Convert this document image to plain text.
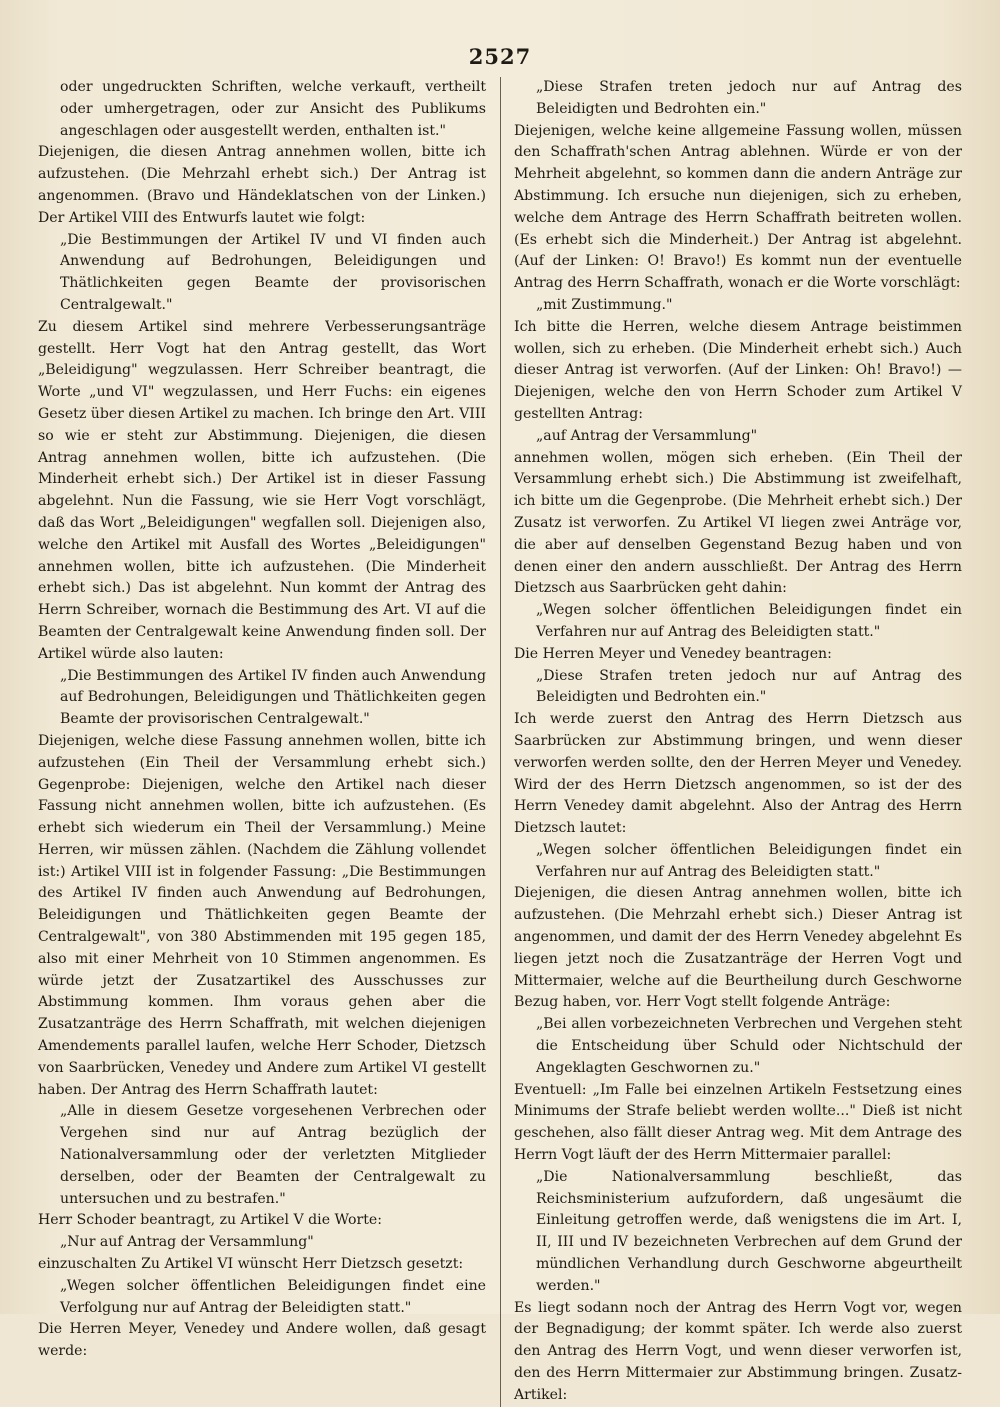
2527

oder ungedruckten Schriften, welche verkauft, vertheilt oder umhergetragen, oder zur Ansicht des Publikums angeschlagen oder ausgestellt werden, enthalten ist."

Diejenigen, die diesen Antrag annehmen wollen, bitte ich aufzustehen. (Die Mehrzahl erhebt sich.) Der Antrag ist angenommen. (Bravo und Händeklatschen von der Linken.) Der Artikel VIII des Entwurfs lautet wie folgt:

„Die Bestimmungen der Artikel IV und VI finden auch Anwendung auf Bedrohungen, Beleidigungen und Thätlichkeiten gegen Beamte der provisorischen Centralgewalt."

Zu diesem Artikel sind mehrere Verbesserungsanträge gestellt. Herr Vogt hat den Antrag gestellt, das Wort „Beleidigung" wegzulassen. Herr Schreiber beantragt, die Worte „und VI" wegzulassen, und Herr Fuchs: ein eigenes Gesetz über diesen Artikel zu machen. Ich bringe den Art. VIII so wie er steht zur Abstimmung. Diejenigen, die diesen Antrag annehmen wollen, bitte ich aufzustehen. (Die Minderheit erhebt sich.) Der Artikel ist in dieser Fassung abgelehnt. Nun die Fassung, wie sie Herr Vogt vorschlägt, daß das Wort „Beleidigungen" wegfallen soll. Diejenigen also, welche den Artikel mit Ausfall des Wortes „Beleidigungen" annehmen wollen, bitte ich aufzustehen. (Die Minderheit erhebt sich.) Das ist abgelehnt. Nun kommt der Antrag des Herrn Schreiber, wornach die Bestimmung des Art. VI auf die Beamten der Centralgewalt keine Anwendung finden soll. Der Artikel würde also lauten:

„Die Bestimmungen des Artikel IV finden auch Anwendung auf Bedrohungen, Beleidigungen und Thätlichkeiten gegen Beamte der provisorischen Centralgewalt."

Diejenigen, welche diese Fassung annehmen wollen, bitte ich aufzustehen (Ein Theil der Versammlung erhebt sich.) Gegenprobe: Diejenigen, welche den Artikel nach dieser Fassung nicht annehmen wollen, bitte ich aufzustehen. (Es erhebt sich wiederum ein Theil der Versammlung.) Meine Herren, wir müssen zählen. (Nachdem die Zählung vollendet ist:) Artikel VIII ist in folgender Fassung: „Die Bestimmungen des Artikel IV finden auch Anwendung auf Bedrohungen, Beleidigungen und Thätlichkeiten gegen Beamte der Centralgewalt", von 380 Abstimmenden mit 195 gegen 185, also mit einer Mehrheit von 10 Stimmen angenommen. Es würde jetzt der Zusatzartikel des Ausschusses zur Abstimmung kommen. Ihm voraus gehen aber die Zusatzanträge des Herrn Schaffrath, mit welchen diejenigen Amendements parallel laufen, welche Herr Schoder, Dietzsch von Saarbrücken, Venedey und Andere zum Artikel VI gestellt haben. Der Antrag des Herrn Schaffrath lautet:

„Alle in diesem Gesetze vorgesehenen Verbrechen oder Vergehen sind nur auf Antrag bezüglich der Nationalversammlung oder der verletzten Mitglieder derselben, oder der Beamten der Centralgewalt zu untersuchen und zu bestrafen."

Herr Schoder beantragt, zu Artikel V die Worte:

„Nur auf Antrag der Versammlung"

einzuschalten Zu Artikel VI wünscht Herr Dietzsch gesetzt:

„Wegen solcher öffentlichen Beleidigungen findet eine Verfolgung nur auf Antrag der Beleidigten statt."

Die Herren Meyer, Venedey und Andere wollen, daß gesagt werde:

„Diese Strafen treten jedoch nur auf Antrag des Beleidigten und Bedrohten ein."

Diejenigen, welche keine allgemeine Fassung wollen, müssen den Schaffrath'schen Antrag ablehnen. Würde er von der Mehrheit abgelehnt, so kommen dann die andern Anträge zur Abstimmung. Ich ersuche nun diejenigen, sich zu erheben, welche dem Antrage des Herrn Schaffrath beitreten wollen. (Es erhebt sich die Minderheit.) Der Antrag ist abgelehnt. (Auf der Linken: O! Bravo!) Es kommt nun der eventuelle Antrag des Herrn Schaffrath, wonach er die Worte vorschlägt:

„mit Zustimmung."

Ich bitte die Herren, welche diesem Antrage beistimmen wollen, sich zu erheben. (Die Minderheit erhebt sich.) Auch dieser Antrag ist verworfen. (Auf der Linken: Oh! Bravo!) — Diejenigen, welche den von Herrn Schoder zum Artikel V gestellten Antrag:

„auf Antrag der Versammlung"

annehmen wollen, mögen sich erheben. (Ein Theil der Versammlung erhebt sich.) Die Abstimmung ist zweifelhaft, ich bitte um die Gegenprobe. (Die Mehrheit erhebt sich.) Der Zusatz ist verworfen. Zu Artikel VI liegen zwei Anträge vor, die aber auf denselben Gegenstand Bezug haben und von denen einer den andern ausschließt. Der Antrag des Herrn Dietzsch aus Saarbrücken geht dahin:

„Wegen solcher öffentlichen Beleidigungen findet ein Verfahren nur auf Antrag des Beleidigten statt."

Die Herren Meyer und Venedey beantragen:

„Diese Strafen treten jedoch nur auf Antrag des Beleidigten und Bedrohten ein."

Ich werde zuerst den Antrag des Herrn Dietzsch aus Saarbrücken zur Abstimmung bringen, und wenn dieser verworfen werden sollte, den der Herren Meyer und Venedey. Wird der des Herrn Dietzsch angenommen, so ist der des Herrn Venedey damit abgelehnt. Also der Antrag des Herrn Dietzsch lautet:

„Wegen solcher öffentlichen Beleidigungen findet ein Verfahren nur auf Antrag des Beleidigten statt."

Diejenigen, die diesen Antrag annehmen wollen, bitte ich aufzustehen. (Die Mehrzahl erhebt sich.) Dieser Antrag ist angenommen, und damit der des Herrn Venedey abgelehnt Es liegen jetzt noch die Zusatzanträge der Herren Vogt und Mittermaier, welche auf die Beurtheilung durch Geschworne Bezug haben, vor. Herr Vogt stellt folgende Anträge:

„Bei allen vorbezeichneten Verbrechen und Vergehen steht die Entscheidung über Schuld oder Nichtschuld der Angeklagten Geschwornen zu."

Eventuell: „Im Falle bei einzelnen Artikeln Festsetzung eines Minimums der Strafe beliebt werden wollte..." Dieß ist nicht geschehen, also fällt dieser Antrag weg. Mit dem Antrage des Herrn Vogt läuft der des Herrn Mittermaier parallel:

„Die Nationalversammlung beschließt, das Reichsministerium aufzufordern, daß ungesäumt die Einleitung getroffen werde, daß wenigstens die im Art. I, II, III und IV bezeichneten Verbrechen auf dem Grund der mündlichen Verhandlung durch Geschworne abgeurtheilt werden."

Es liegt sodann noch der Antrag des Herrn Vogt vor, wegen der Begnadigung; der kommt später. Ich werde also zuerst den Antrag des Herrn Vogt, und wenn dieser verworfen ist, den des Herrn Mittermaier zur Abstimmung bringen. Zusatz-Artikel:
